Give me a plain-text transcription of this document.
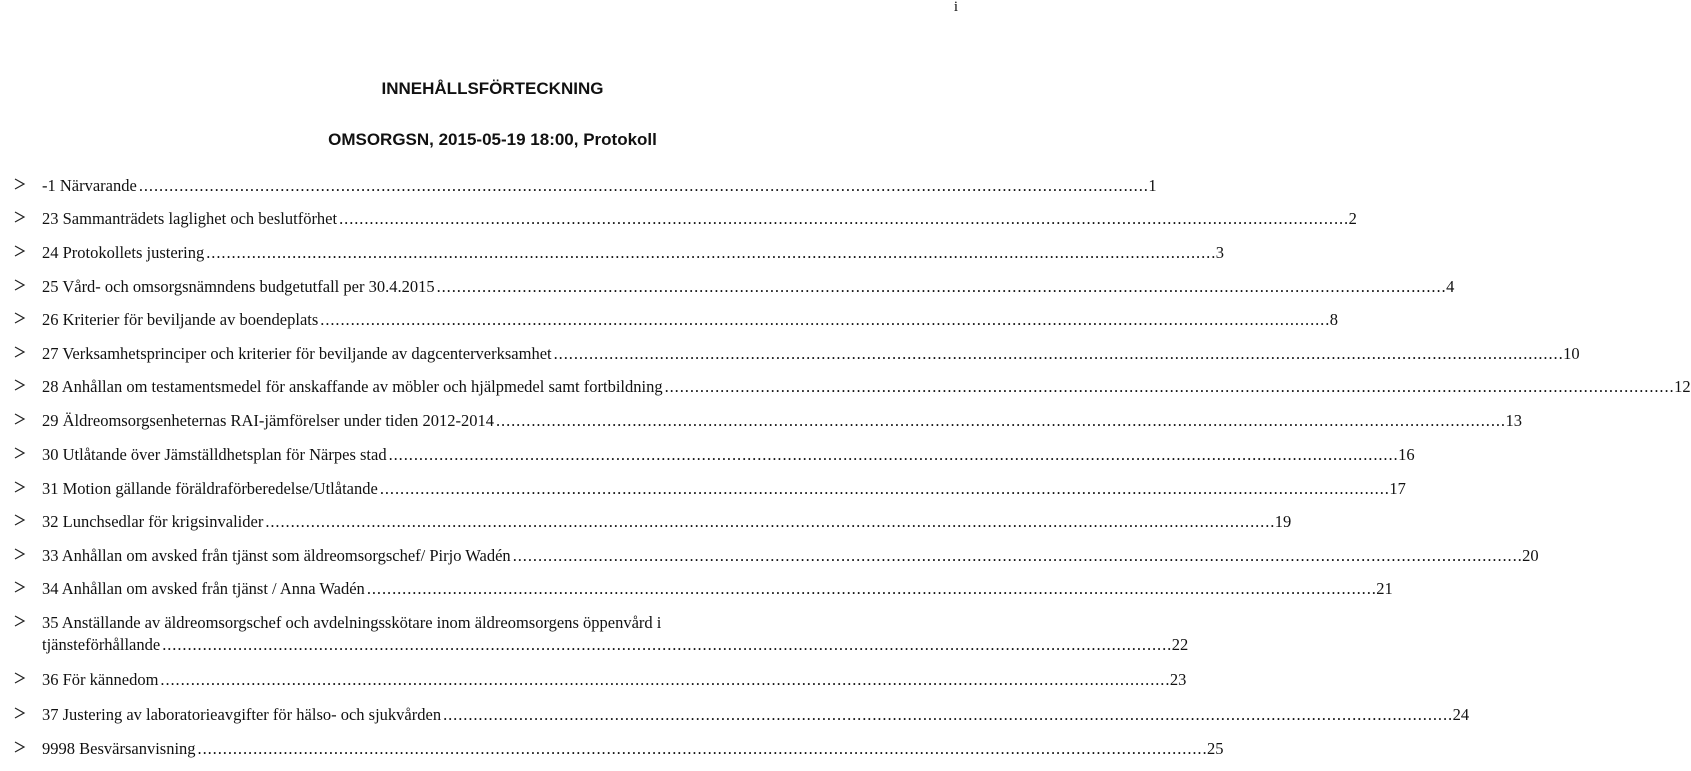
i
INNEHÅLLSFÖRTECKNING
OMSORGSN, 2015-05-19 18:00, Protokoll
-1 Närvarande . . .	1
23 Sammanträdets laglighet och beslutförhet . . .	2
24 Protokollets justering . . .	3
25 Vård- och omsorgsnämndens budgetutfall per 30.4.2015 . . .	4
26 Kriterier för beviljande av boendeplats . . .	8
27 Verksamhetsprinciper och kriterier för beviljande av dagcenterverksamhet . . .	10
28 Anhållan om testamentsmedel för anskaffande av möbler och hjälpmedel samt fortbildning . . .	12
29 Äldreomsorgsenheternas RAI-jämförelser under tiden 2012-2014 . . .	13
30 Utlåtande över Jämställdhetsplan för Närpes stad . . .	16
31 Motion gällande föräldraförberedelse/Utlåtande . . .	17
32 Lunchsedlar för krigsinvalider . . .	19
33 Anhållan om avsked från tjänst som äldreomsorgschef/ Pirjo Wadén . . .	20
34 Anhållan om avsked från tjänst / Anna Wadén . . .	21
35 Anställande av äldreomsorgschef och avdelningsskötare inom äldreomsorgens öppenvård i
tjänsteförhållande . . .	22
36 För kännedom . . .	23
37 Justering av laboratorieavgifter för hälso- och sjukvården . . .	24
9998 Besvärsanvisning . . .	25
